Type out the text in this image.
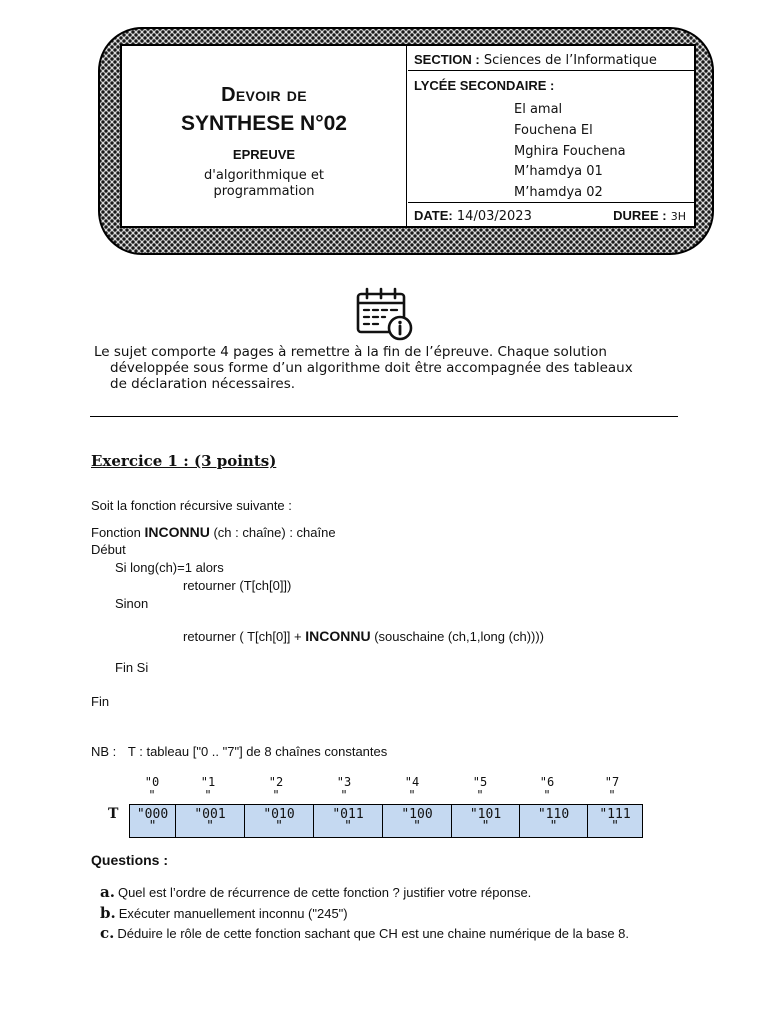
Devoir de
SYNTHESE N°02
EPREUVE
d'algorithmique et programmation
SECTION : Sciences de l’Informatique
LYCÉE SECONDAIRE :
El amal
Fouchena El
Mghira Fouchena
M’hamdya 01
M’hamdya 02
DATE: 14/03/2023	DUREE : 3H
Le sujet comporte 4 pages à remettre à la fin de l’épreuve. Chaque solution
développée sous forme d’un algorithme doit être accompagnée des tableaux
de déclaration nécessaires.
Exercice 1 : (3 points)
Soit la fonction récursive suivante :
Fonction INCONNU (ch : chaîne) : chaîne
Début
Si long(ch)=1 alors
retourner (T[ch[0]])
Sinon
retourner ( T[ch[0]] + INCONNU (souschaine (ch,1,long (ch))))
Fin Si
Fin
NB : T : tableau ["0 .. "7"] de 8 chaînes constantes
"0
"
"1
"
"2
"
"3
"
"4
"
"5
"
"6
"
"7
"
T	"000
"
"001
"
"010
"
"011
"
"100
"
"101
"
"110
"
"111
"
Questions :
a. Quel est l’ordre de récurrence de cette fonction ? justifier votre réponse.
b. Exécuter manuellement inconnu ("245")
c. Déduire le rôle de cette fonction sachant que CH est une chaine numérique de la base 8.
